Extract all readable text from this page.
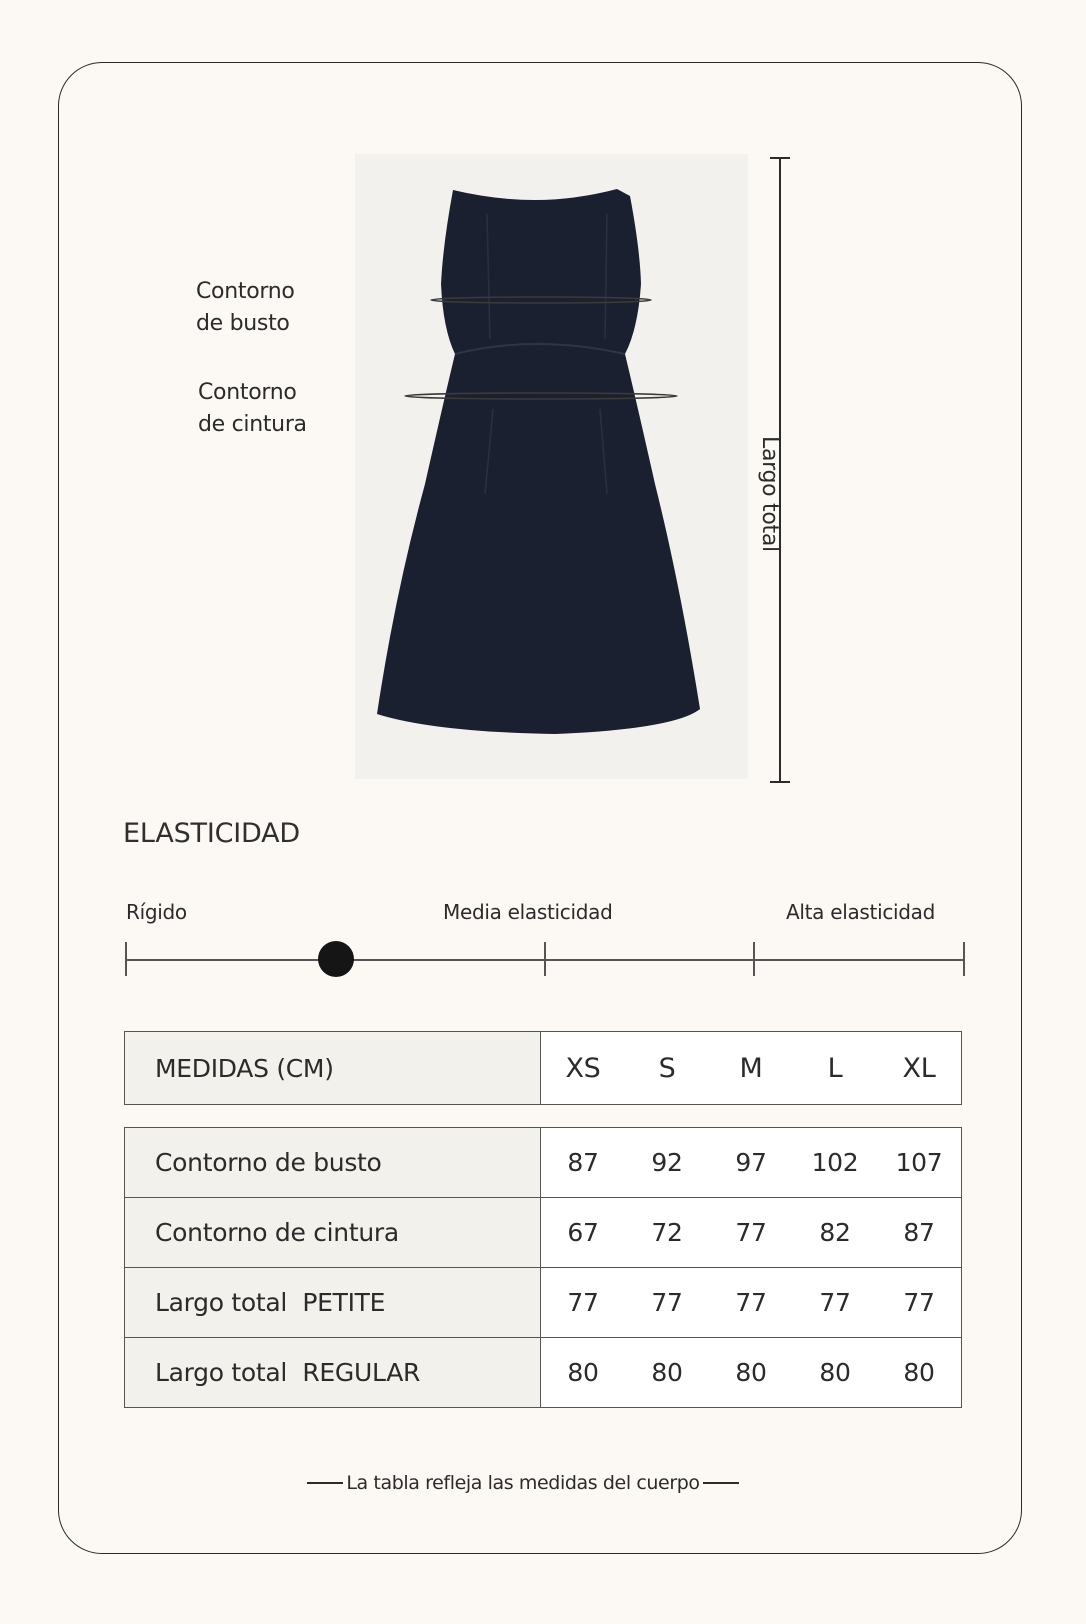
Contorno
de busto
Contorno
de cintura
Largo total
ELASTICIDAD
Rígido	Media elasticidad	Alta elasticidad
MEDIDAS (CM)	XS	S	M	L	XL
Contorno de busto	87 92 97 102 107

Contorno de cintura	67 72 77 82 87

Largo total  PETITE	77 77 77 77 77

Largo total  REGULAR	80 80 80 80 80
La tabla refleja las medidas del cuerpo
